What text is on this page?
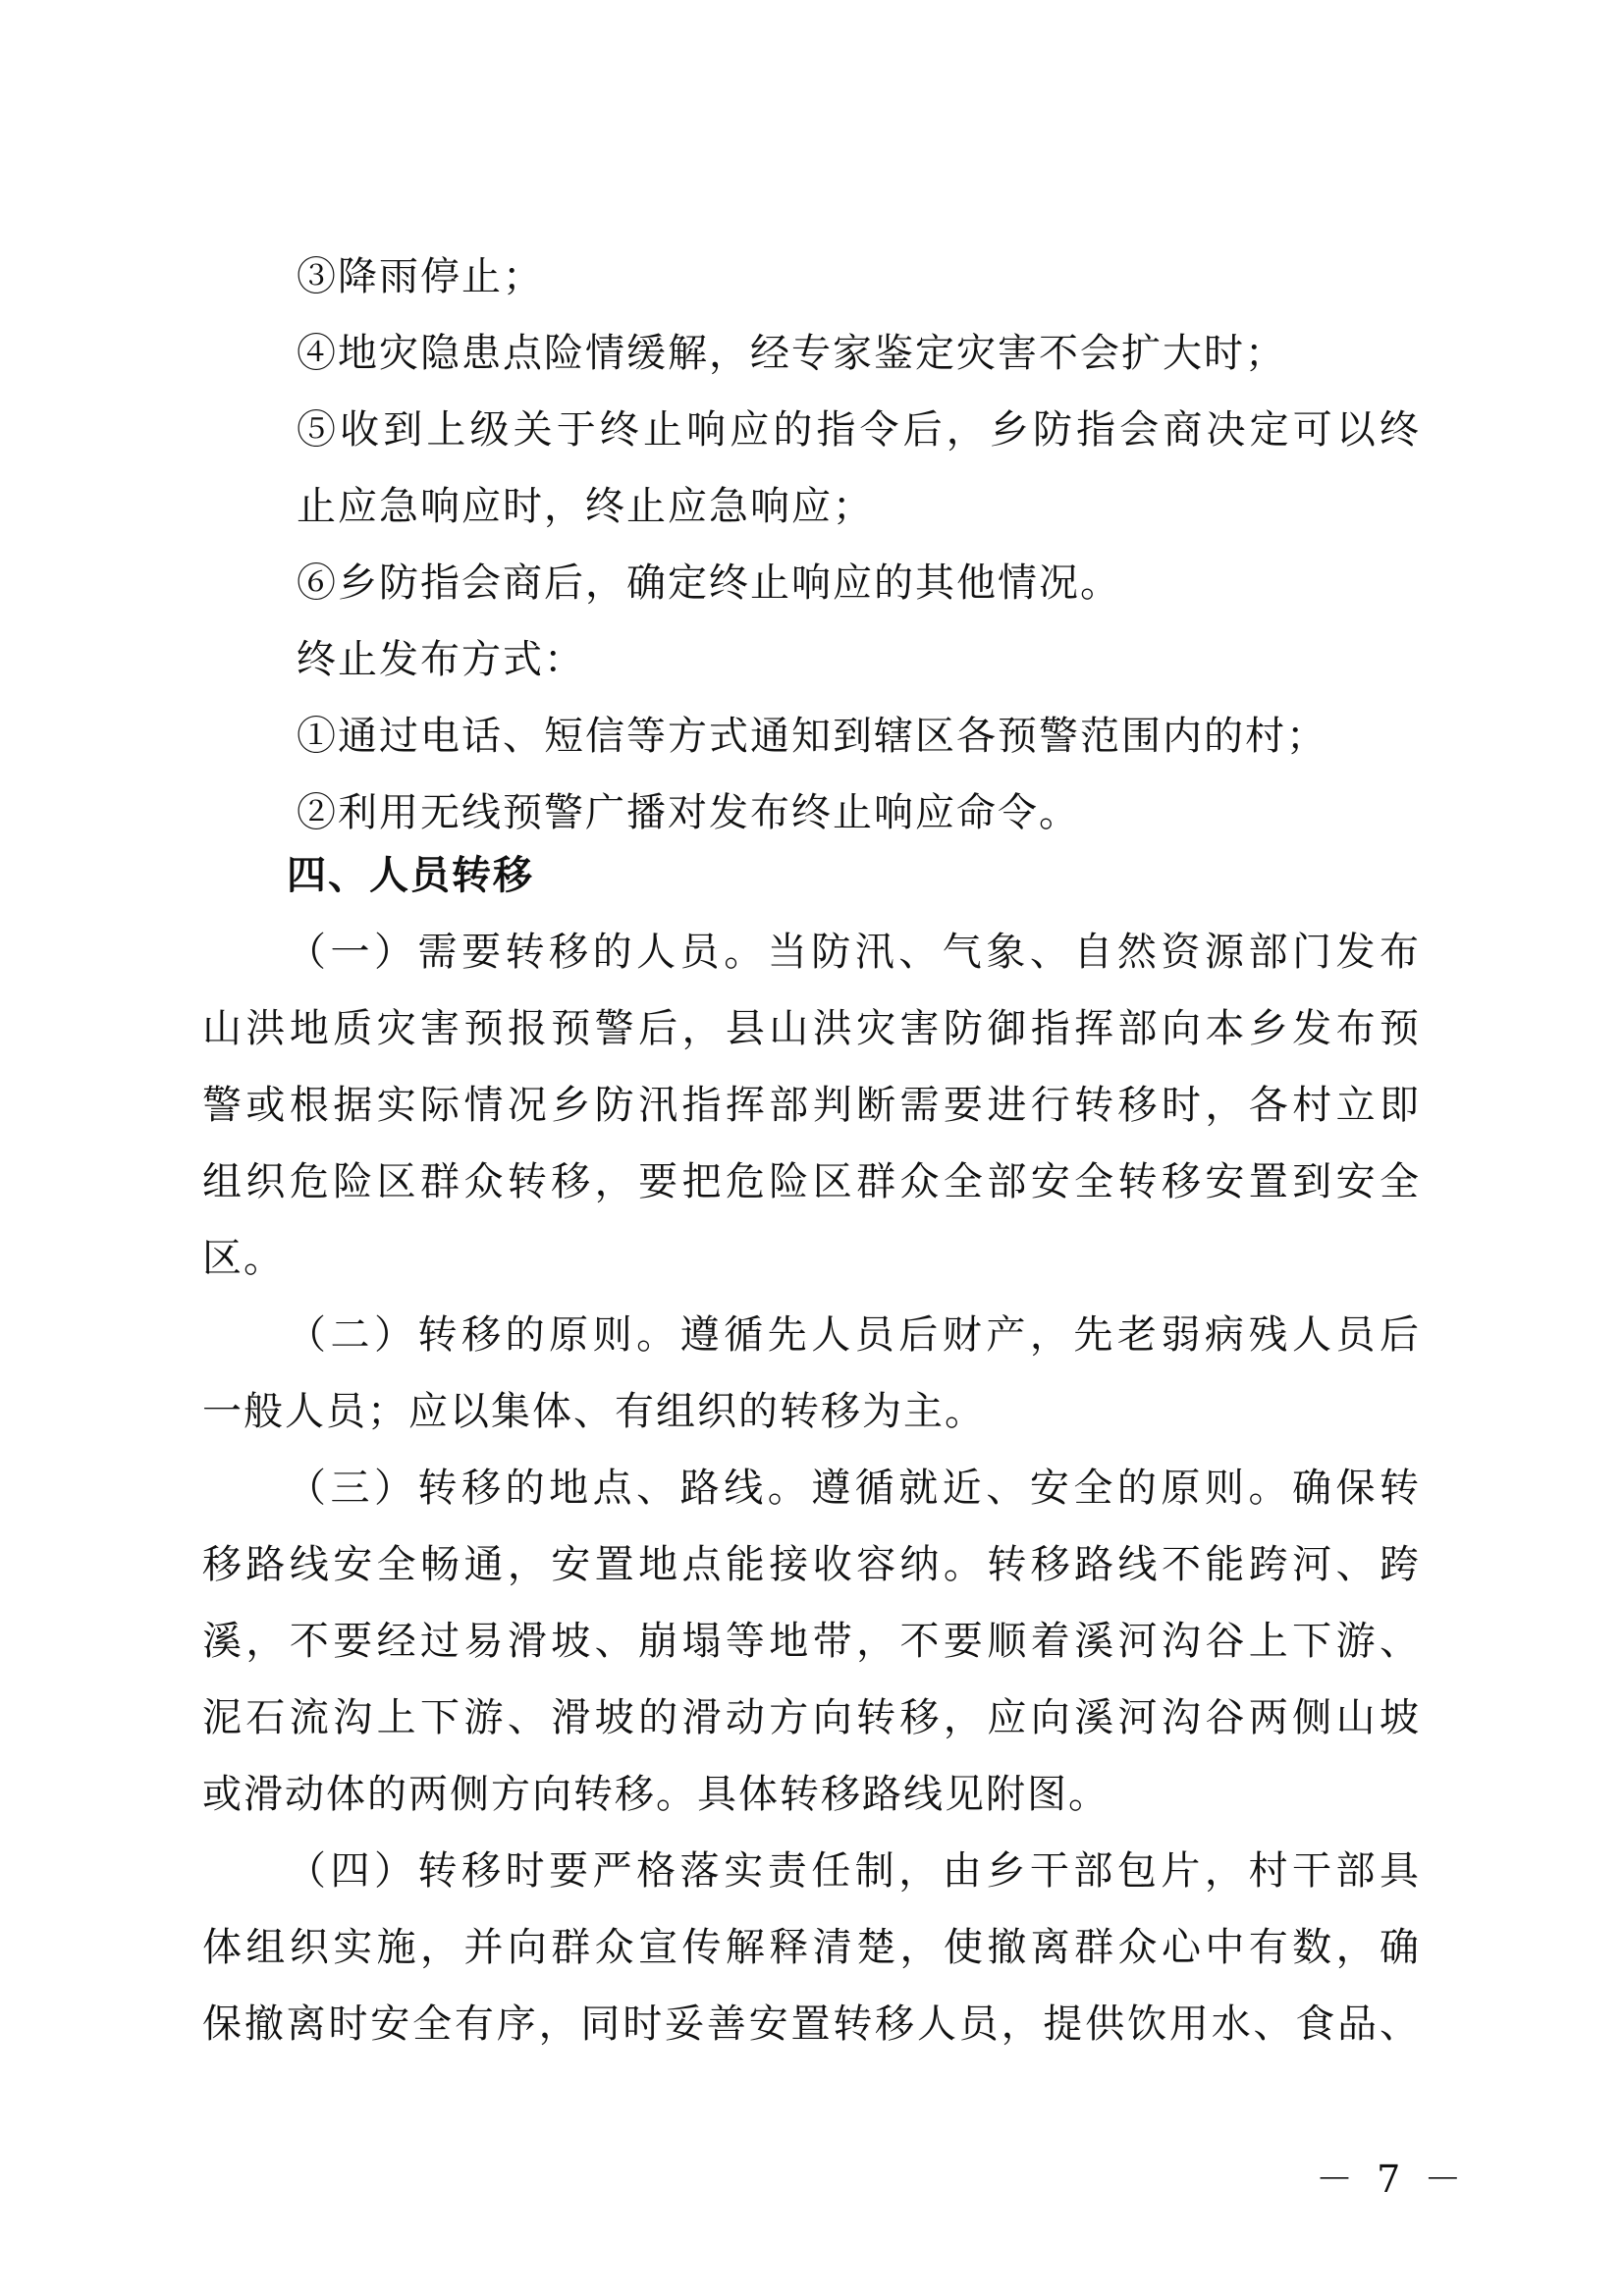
③降雨停止；
④地灾隐患点险情缓解，经专家鉴定灾害不会扩大时；
⑤收到上级关于终止响应的指令后，乡防指会商决定可以终
止应急响应时，终止应急响应；
⑥乡防指会商后，确定终止响应的其他情况。
终止发布方式：
①通过电话、短信等方式通知到辖区各预警范围内的村；
②利用无线预警广播对发布终止响应命令。
四、人员转移
（一）需要转移的人员。当防汛、气象、自然资源部门发布
山洪地质灾害预报预警后，县山洪灾害防御指挥部向本乡发布预
警或根据实际情况乡防汛指挥部判断需要进行转移时，各村立即
组织危险区群众转移，要把危险区群众全部安全转移安置到安全
区。
（二）转移的原则。遵循先人员后财产，先老弱病残人员后
一般人员；应以集体、有组织的转移为主。
（三）转移的地点、路线。遵循就近、安全的原则。确保转
移路线安全畅通，安置地点能接收容纳。转移路线不能跨河、跨
溪，不要经过易滑坡、崩塌等地带，不要顺着溪河沟谷上下游、
泥石流沟上下游、滑坡的滑动方向转移，应向溪河沟谷两侧山坡
或滑动体的两侧方向转移。具体转移路线见附图。
（四）转移时要严格落实责任制，由乡干部包片，村干部具
体组织实施，并向群众宣传解释清楚，使撤离群众心中有数，确
保撤离时安全有序，同时妥善安置转移人员，提供饮用水、食品、
－ 7 －
